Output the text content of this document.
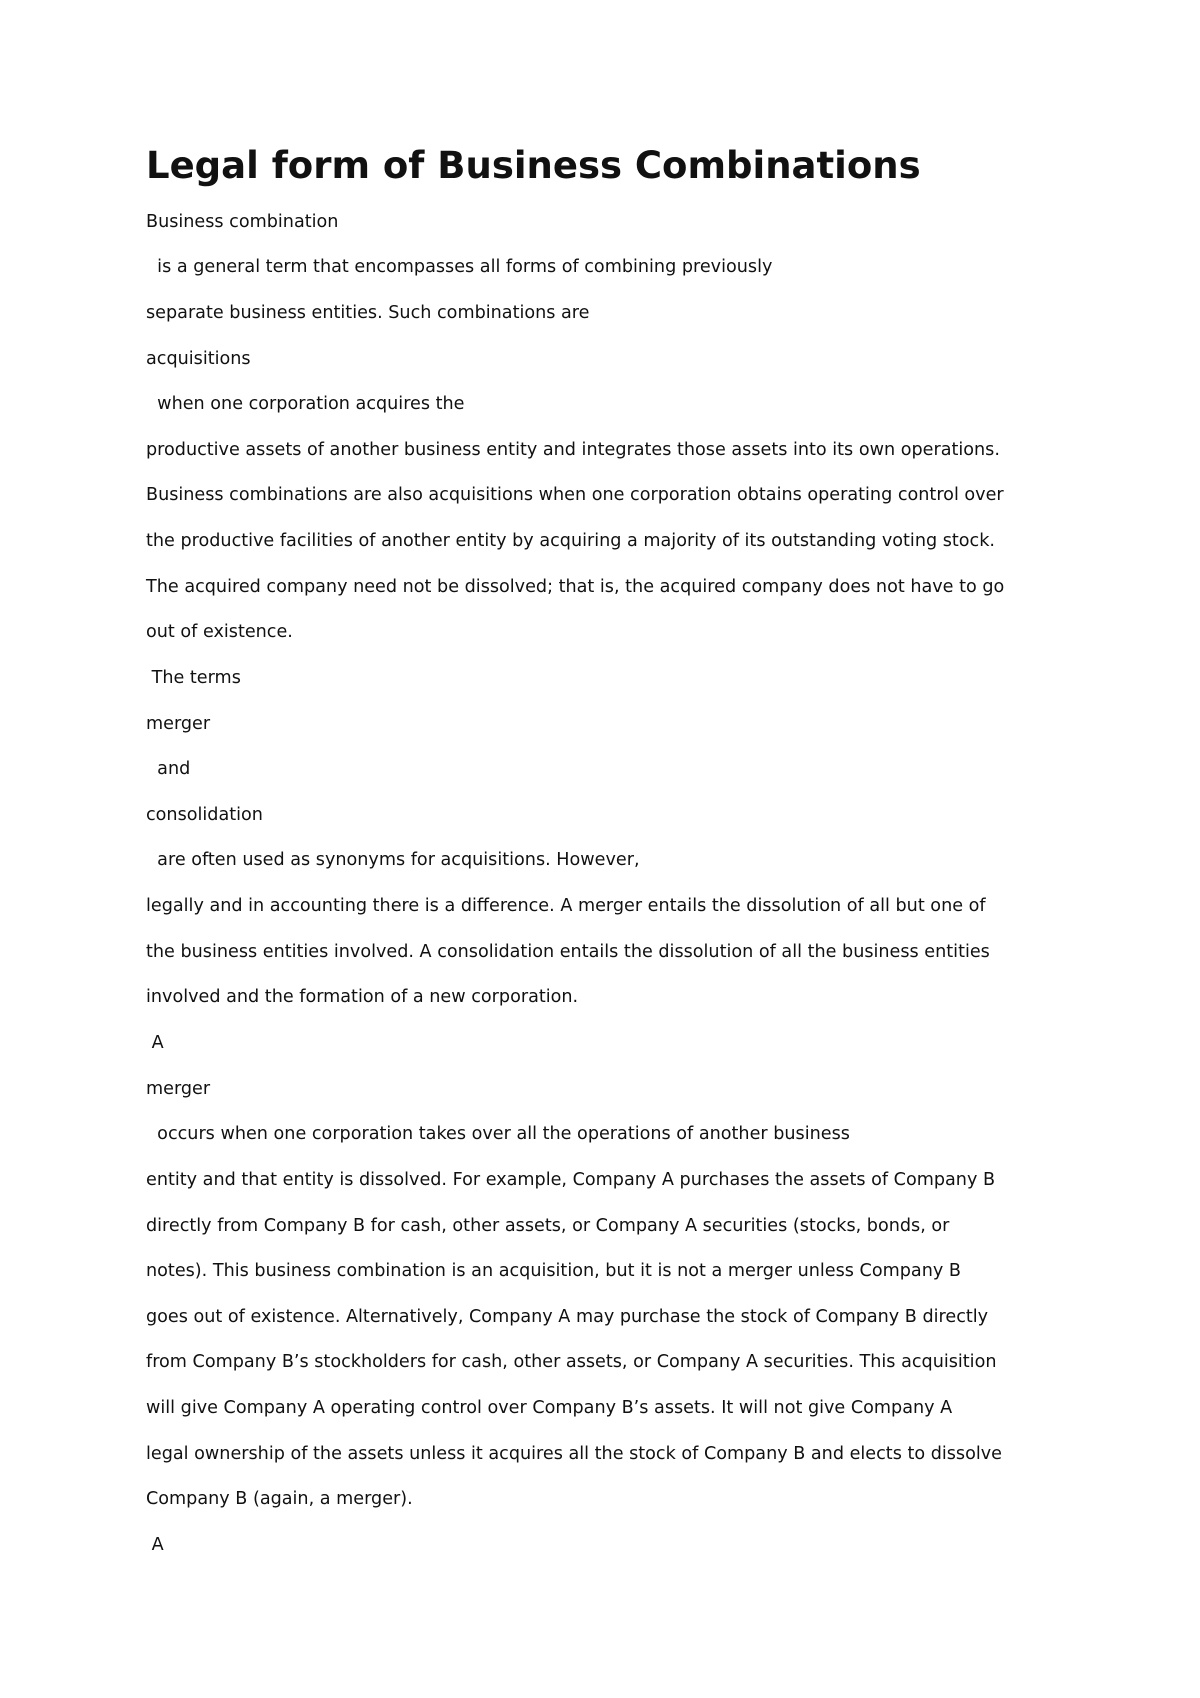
Legal form of Business Combinations

Business combination

is a general term that encompasses all forms of combining previously

separate business entities. Such combinations are

acquisitions

when one corporation acquires the

productive assets of another business entity and integrates those assets into its own operations.

Business combinations are also acquisitions when one corporation obtains operating control over

the productive facilities of another entity by acquiring a majority of its outstanding voting stock.

The acquired company need not be dissolved; that is, the acquired company does not have to go

out of existence.

The terms

merger

and

consolidation

are often used as synonyms for acquisitions. However,

legally and in accounting there is a difference. A merger entails the dissolution of all but one of

the business entities involved. A consolidation entails the dissolution of all the business entities

involved and the formation of a new corporation.

A

merger

occurs when one corporation takes over all the operations of another business

entity and that entity is dissolved. For example, Company A purchases the assets of Company B

directly from Company B for cash, other assets, or Company A securities (stocks, bonds, or

notes). This business combination is an acquisition, but it is not a merger unless Company B

goes out of existence. Alternatively, Company A may purchase the stock of Company B directly

from Company B’s stockholders for cash, other assets, or Company A securities. This acquisition

will give Company A operating control over Company B’s assets. It will not give Company A

legal ownership of the assets unless it acquires all the stock of Company B and elects to dissolve

Company B (again, a merger).

A
